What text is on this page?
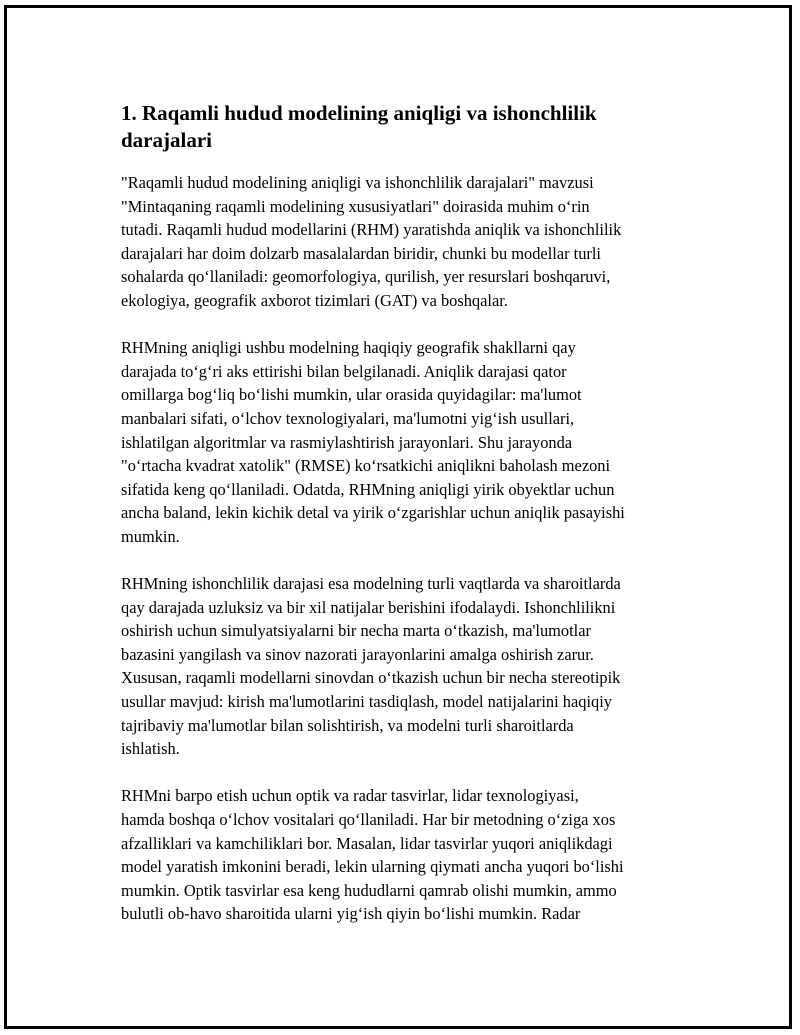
1. Raqamli hudud modelining aniqligi va ishonchlilik
darajalari

"Raqamli hudud modelining aniqligi va ishonchlilik darajalari" mavzusi
"Mintaqaning raqamli modelining xususiyatlari" doirasida muhim oʻrin
tutadi. Raqamli hudud modellarini (RHM) yaratishda aniqlik va ishonchlilik
darajalari har doim dolzarb masalalardan biridir, chunki bu modellar turli
sohalarda qoʻllaniladi: geomorfologiya, qurilish, yer resurslari boshqaruvi,
ekologiya, geografik axborot tizimlari (GAT) va boshqalar.

RHMning aniqligi ushbu modelning haqiqiy geografik shakllarni qay
darajada toʻgʻri aks ettirishi bilan belgilanadi. Aniqlik darajasi qator
omillarga bogʻliq boʻlishi mumkin, ular orasida quyidagilar: ma'lumot
manbalari sifati, oʻlchov texnologiyalari, ma'lumotni yigʻish usullari,
ishlatilgan algoritmlar va rasmiylashtirish jarayonlari. Shu jarayonda
"oʻrtacha kvadrat xatolik" (RMSE) koʻrsatkichi aniqlikni baholash mezoni
sifatida keng qoʻllaniladi. Odatda, RHMning aniqligi yirik obyektlar uchun
ancha baland, lekin kichik detal va yirik oʻzgarishlar uchun aniqlik pasayishi
mumkin.

RHMning ishonchlilik darajasi esa modelning turli vaqtlarda va sharoitlarda
qay darajada uzluksiz va bir xil natijalar berishini ifodalaydi. Ishonchlilikni
oshirish uchun simulyatsiyalarni bir necha marta oʻtkazish, ma'lumotlar
bazasini yangilash va sinov nazorati jarayonlarini amalga oshirish zarur.
Xususan, raqamli modellarni sinovdan oʻtkazish uchun bir necha stereotipik
usullar mavjud: kirish ma'lumotlarini tasdiqlash, model natijalarini haqiqiy
tajribaviy ma'lumotlar bilan solishtirish, va modelni turli sharoitlarda
ishlatish.

RHMni barpo etish uchun optik va radar tasvirlar, lidar texnologiyasi,
hamda boshqa oʻlchov vositalari qoʻllaniladi. Har bir metodning oʻziga xos
afzalliklari va kamchiliklari bor. Masalan, lidar tasvirlar yuqori aniqlikdagi
model yaratish imkonini beradi, lekin ularning qiymati ancha yuqori boʻlishi
mumkin. Optik tasvirlar esa keng hududlarni qamrab olishi mumkin, ammo
bulutli ob-havo sharoitida ularni yigʻish qiyin boʻlishi mumkin. Radar
